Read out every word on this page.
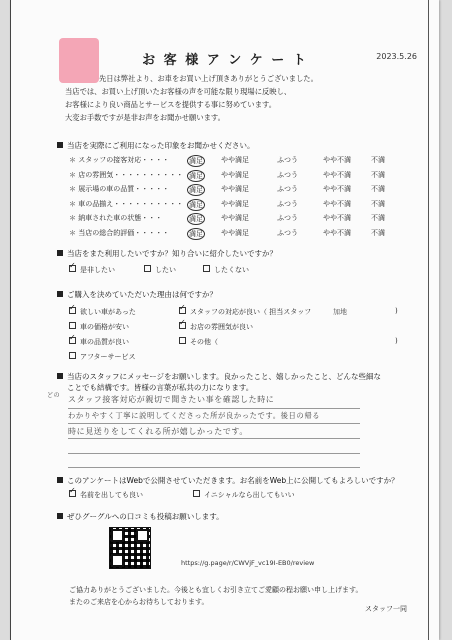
お 客 様 ア ン ケ ー ト	2023.5.26
先日は弊社より、お車をお買い上げ頂きありがとうございました。
当店では、お買い上げ頂いたお客様の声を可能な限り現場に反映し、
お客様により良い商品とサービスを提供する事に努めています。
大変お手数ですが是非お声をお聞かせ願います。
当店を実際にご利用になった印象をお聞かせください。
＊ スタッフの接客対応・・・・	満足	やや満足	ふつう	やや不満	不満
＊ 店の雰囲気・・・・・・・・・・ 満足	やや満足	ふつう	やや不満	不満
＊ 展示場の車の品質・・・・・	満足	やや満足	ふつう	やや不満	不満
＊ 車の品揃え・・・・・・・・・・ 満足	やや満足	ふつう	やや不満	不満
＊ 納車された車の状態・・・	満足	やや満足	ふつう	やや不満	不満
＊ 当店の総合的評価・・・・・	満足	やや満足	ふつう	やや不満	不満
当店をまた利用したいですか？知り合いに紹介したいですか？
✓是非したい	したい	したくない
ご購入を決めていただいた理由は何ですか？
✓欲しい車があった
車の価格が安い
✓車の品質が良い
アフターサービス
✓スタッフの対応が良い（ 担当スタッフ	加地	)
✓お店の雰囲気が良い
その他（	)
当店のスタッフにメッセージをお願いします。良かったこと、嬉しかったこと、どんな些細な
ことでも結構です。皆様の言葉が私共の力になります。
どの スタッフ接客対応が親切で聞きたい事を確認した時に
わかりやすく丁寧に説明してくださった所が良かったです。後日の帰る
時に見送りをしてくれる所が嬉しかったです。
このアンケートはWebで公開させていただきます。お名前をWeb上に公開してもよろしいですか？
✓名前を出しても良い	イニシャルなら出してもいい
ぜひグーグルへの口コミも投稿お願いします。
https://g.page/r/CWVjF_vc19I-EB0/review
ご協力ありがとうございました。今後とも宜しくお引き立てご愛顧の程お願い申し上げます。
またのご来店を心からお待ちしております。
スタッフ一同
